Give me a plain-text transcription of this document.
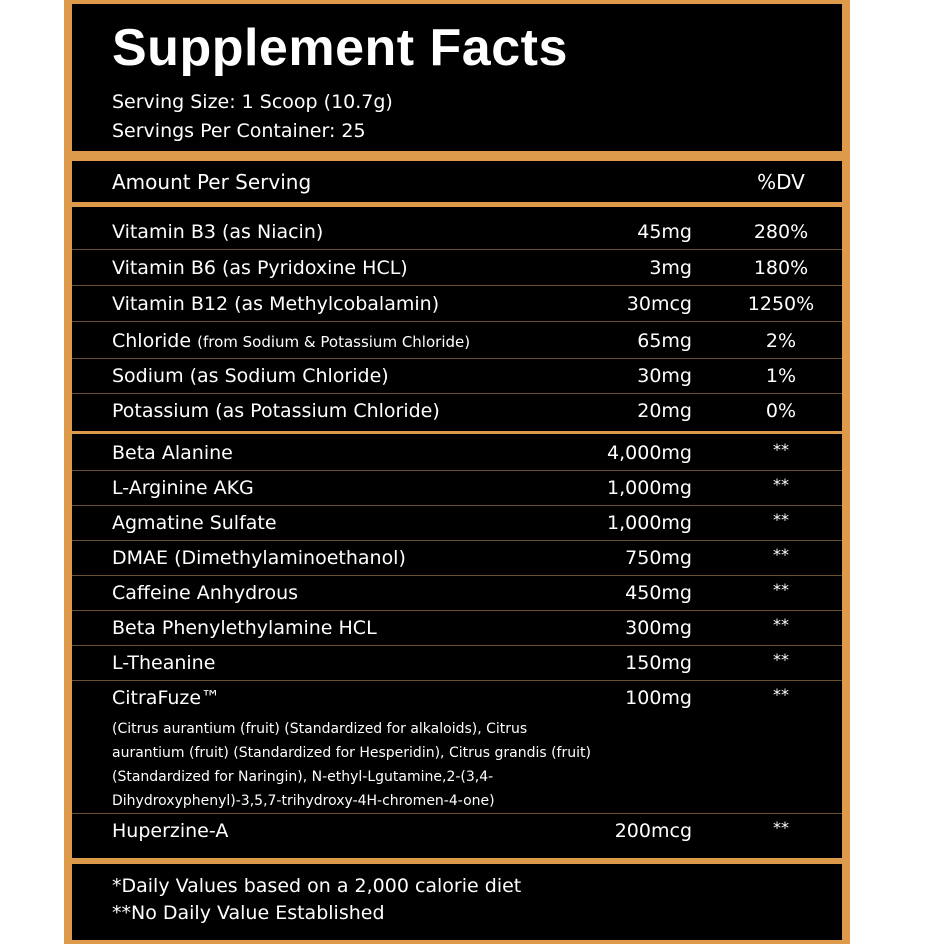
Supplement Facts
Serving Size: 1 Scoop (10.7g)
Servings Per Container: 25
Amount Per Serving	%DV
Vitamin B3 (as Niacin)	45mg	280%
Vitamin B6 (as Pyridoxine HCL)	3mg	180%
Vitamin B12 (as Methylcobalamin)	30mcg	1250%
Chloride (from Sodium & Potassium Chloride)	65mg	2%
Sodium (as Sodium Chloride)	30mg	1%
Potassium (as Potassium Chloride)	20mg	0%
Beta Alanine	4,000mg	**
L-Arginine AKG	1,000mg	**
Agmatine Sulfate	1,000mg	**
DMAE (Dimethylaminoethanol)	750mg	**
Caffeine Anhydrous	450mg	**
Beta Phenylethylamine HCL	300mg	**
L-Theanine	150mg	**
CitraFuze™	100mg	**
(Citrus aurantium (fruit) (Standardized for alkaloids), Citrus aurantium (fruit) (Standardized for Hesperidin), Citrus grandis (fruit) (Standardized for Naringin), N-ethyl-Lgutamine,2-(3,4-Dihydroxyphenyl)-3,5,7-trihydroxy-4H-chromen-4-one)
Huperzine-A	200mcg	**
*Daily Values based on a 2,000 calorie diet
**No Daily Value Established
